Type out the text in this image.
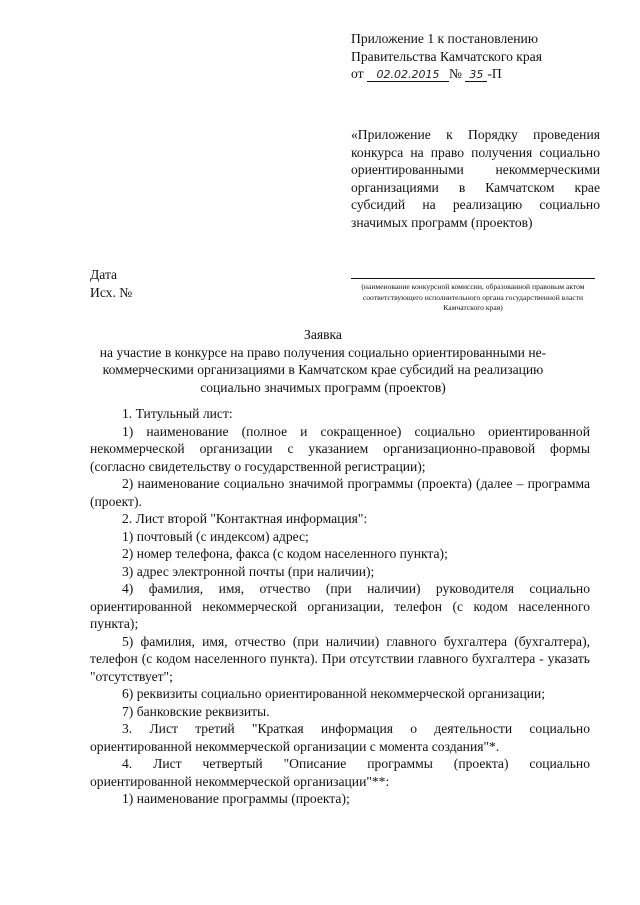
Приложение 1 к постановлению
Правительства Камчатского края
от 02.02.2015 № 35 -П
«Приложение к Порядку проведения конкурса на право получения социально ориентированными некоммерческими организациями в Камчатском крае субсидий на реализацию социально значимых программ (проектов)
Дата
Исх. №	(наименование конкурсной комиссии, образованной правовым актом соответствующего исполнительного органа государственной власти Камчатского края)
Заявка
на участие в конкурсе на право получения социально ориентированными не-
коммерческими организациями в Камчатском крае субсидий на реализацию
социально значимых программ (проектов)

1. Титульный лист:

1) наименование (полное и сокращенное) социально ориентированной некоммерческой организации с указанием организационно-правовой формы (согласно свидетельству о государственной регистрации);

2) наименование социально значимой программы (проекта) (далее – программа (проект).

2. Лист второй "Контактная информация":

1) почтовый (с индексом) адрес;

2) номер телефона, факса (с кодом населенного пункта);

3) адрес электронной почты (при наличии);

4) фамилия, имя, отчество (при наличии) руководителя социально ориентированной некоммерческой организации, телефон (с кодом населенного пункта);

5) фамилия, имя, отчество (при наличии) главного бухгалтера (бухгалтера), телефон (с кодом населенного пункта). При отсутствии главного бухгалтера - указать "отсутствует";

6) реквизиты социально ориентированной некоммерческой организации;

7) банковские реквизиты.

3. Лист третий "Краткая информация о деятельности социально ориентированной некоммерческой организации с момента создания"*.

4. Лист четвертый "Описание программы (проекта) социально ориентированной некоммерческой организации"**:

1) наименование программы (проекта);
